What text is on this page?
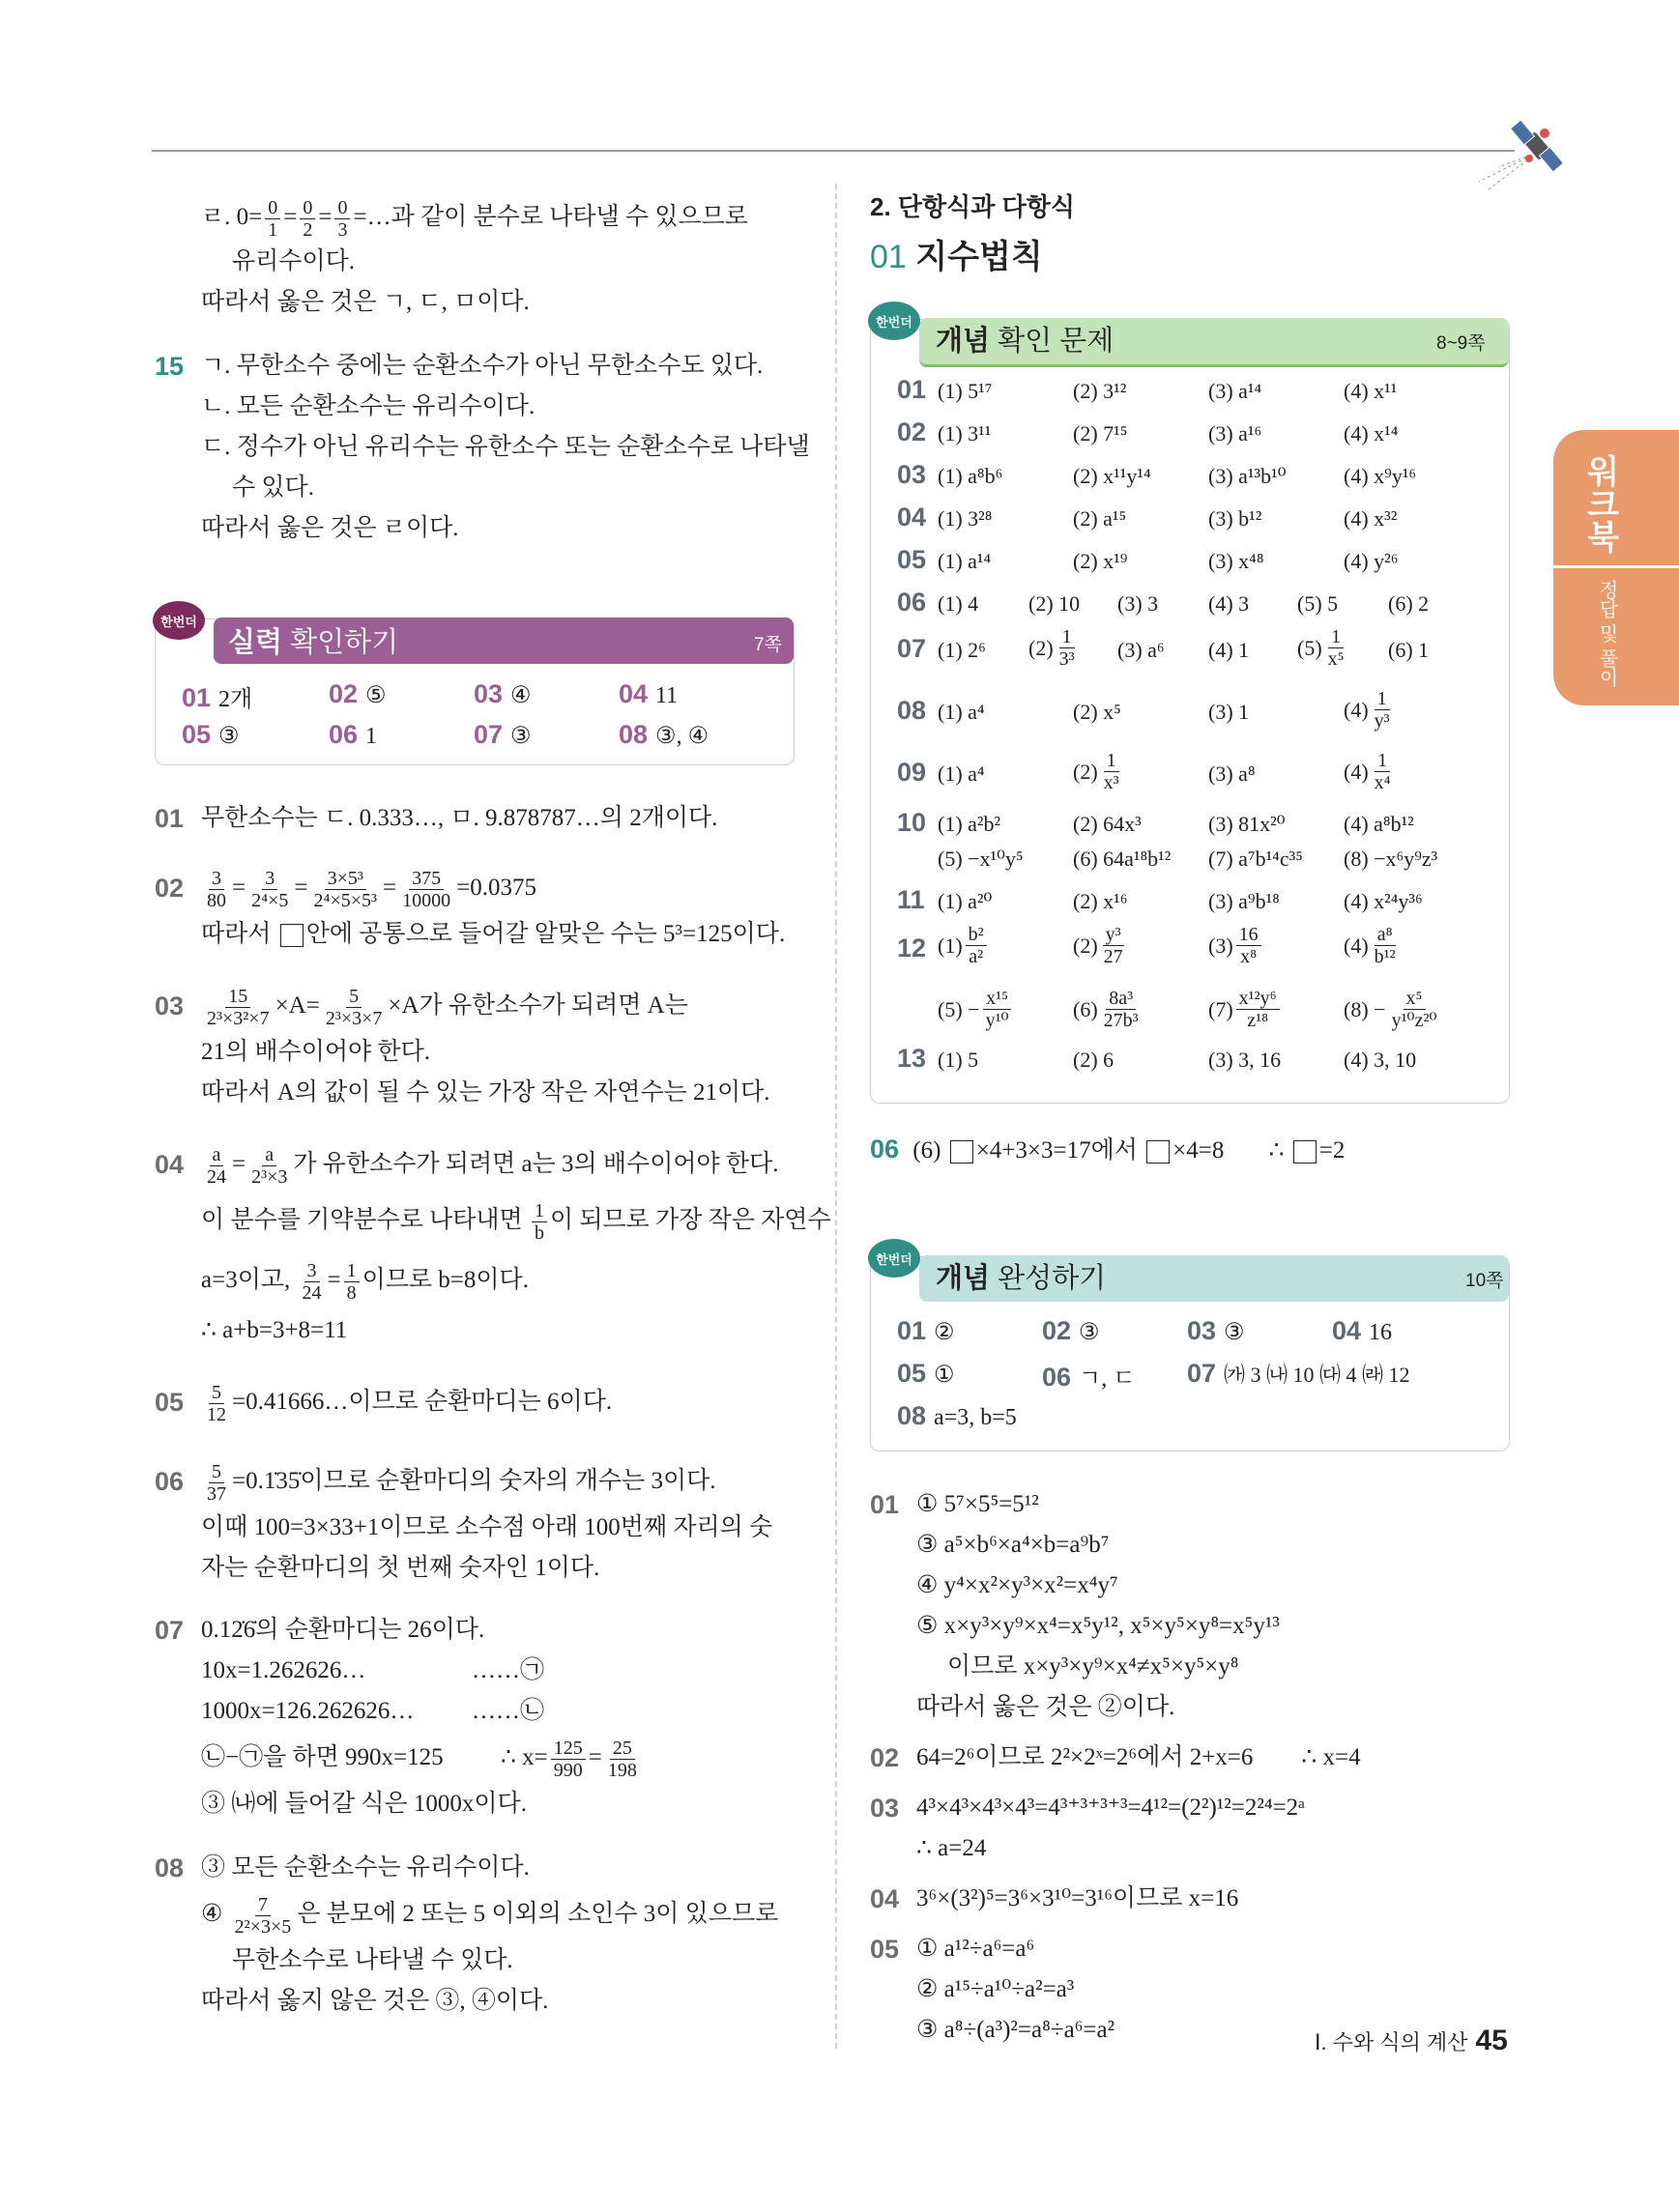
ㄹ. $0= \frac{0}{1} = \frac{0}{2} = \frac{0}{3}$ =…과 같이 분수로 나타낼 수 있으므로
유리수이다.
따라서 옳은 것은 ㄱ, ㄷ, ㅁ이다.
15 ㄱ. 무한소수 중에는 순환소수가 아닌 무한소수도 있다.
ㄴ. 모든 순환소수는 유리수이다.
ㄷ. 정수가 아닌 유리수는 유한소수 또는 순환소수로 나타낼
수 있다.
따라서 옳은 것은 ㄹ이다.
한번더
실력 확인하기	7쪽
01 2개	02 ⑤	03 ④	04 11
05 ③	06 1	07 ③	08 ③, ④
01 무한소수는 ㄷ. 0.333…, ㅁ. 9.878787…의 2개이다.
$02 \frac{3}{80} = \frac{3}{\text{2⁴×5}} = \frac{\text{3×5³}}{\text{2⁴×5×5³}} = \frac{375}{10000} =0.0375$
따라서 안에 공통으로 들어갈 알맞은 수는 5³=125이다.
$03 \frac{15}{\text{2³×3²×7}} \times A= \frac{5}{\text{2³×3×7}} \times A$가 유한소수가 되려면 A는
21의 배수이어야 한다.
따라서 A의 값이 될 수 있는 가장 작은 자연수는 21이다.
$04 \frac{a}{24} = \frac{a}{\text{2³×3}}$ 가 유한소수가 되려면 a는 3의 배수이어야 한다.
이 분수를 기약분수로 나타내면 $\frac{1}{b}$ 이 되므로 가장 작은 자연수
a=3이고, $\frac{3}{24} = \frac{1}{8}$ 이므로 b=8이다.
∴ a+b=3+8=11
$05 \frac{5}{12}$ =0.41666…이므로 순환마디는 6이다.
$06 \frac{5}{37}$ =0.1̇35̇이므로 순환마디의 숫자의 개수는 3이다.
이때 100=3×33+1이므로 소수점 아래 100번째 자리의 숫
자는 순환마디의 첫 번째 숫자인 1이다.
07 0.12̇6̇의 순환마디는 26이다.
10x=1.262626…	……㉠
1000x=126.262626… ……㉡
㉡−㉠을 하면 990x=125 ∴ $x= \frac{125}{990} = \frac{25}{198}$
③ ㈏에 들어갈 식은 1000x이다.
08 ③ 모든 순환소수는 유리수이다.
④ $\frac{7}{\text{2²×3×5}}$ 은 분모에 2 또는 5 이외의 소인수 3이 있으므로
무한소수로 나타낼 수 있다.
따라서 옳지 않은 것은 ③, ④이다.
2. 단항식과 다항식
01 지수법칙
한번더
개념 확인 문제	8~9쪽
01 (1) 5¹⁷	(2) 3¹²	(3) a¹⁴	(4) x¹¹
02 (1) 3¹¹	(2) 7¹⁵	(3) a¹⁶	(4) x¹⁴
03 (1) a⁸b⁶	(2) x¹¹y¹⁴	(3) a¹³b¹⁰	(4) x⁹y¹⁶
04 (1) 3²⁸	(2) a¹⁵	(3) b¹²	(4) x³²
05 (1) a¹⁴	(2) x¹⁹	(3) x⁴⁸	(4) y²⁶
06 (1) 4 (2) 10 (3) 3 (4) 3 (5) 5 (6) 2
07 (1) 2⁶ $(2) \frac{1}{\text{3³}} (3)$ a⁶ (4) 1 $(5) \frac{1}{\text{x⁵}} (6)$ 1
08 (1) a⁴	(2) x⁵	(3) 1	$(4) \frac{1}{\text{y³}}$
09 (1) a⁴	$(2) \frac{1}{\text{x³}}$	(3) a⁸	$(4) \frac{1}{\text{x⁴}}$
10 (1) a²b²	(2) 64x³	(3) 81x²⁰	(4) a⁸b¹²
(5) −x¹⁰y⁵ (6) 64a¹⁸b¹² (7) a⁷b¹⁴c³⁵ (8) −x⁶y⁹z³
11 (1) a²⁰	(2) x¹⁶	(3) a⁹b¹⁸	(4) x²⁴y³⁶
12 $(1) \frac{\text{b²}}{\text{a²}}$	$(2) \frac{\text{y³}}{27}$	$(3) \frac{16}{\text{x⁸}}$	$(4) \frac{\text{a⁸}}{\text{b¹²}}$
$(5) - \frac{\text{x¹⁵}}{\text{y¹⁰}}$	$(6) \frac{\text{8a³}}{\text{27b³}}$	$(7) \frac{\text{x¹²y⁶}}{\text{z¹⁸}}$	$(8) - \frac{\text{x⁵}}{\text{y¹⁰z²⁰}}$
13 (1) 5	(2) 6	(3) 3, 16	(4) 3, 10
06 (6) ×4+3×3=17에서 ×4=8 ∴ =2
한번더
개념 완성하기	10쪽
01 ②	02 ③	03 ③	04 16
05 ①	06 ㄱ, ㄷ 07 ㈎ 3 ㈏ 10 ㈐ 4 ㈑ 12
08 a=3, b=5
01 ① 5⁷×5⁵=5¹²
③ a⁵×b⁶×a⁴×b=a⁹b⁷
④ y⁴×x²×y³×x²=x⁴y⁷
⑤ x×y³×y⁹×x⁴=x⁵y¹², x⁵×y⁵×y⁸=x⁵y¹³
이므로 x×y³×y⁹×x⁴≠x⁵×y⁵×y⁸
따라서 옳은 것은 ②이다.
02 64=2⁶이므로 2²×2ˣ=2⁶에서 2+x=6 ∴ x=4
03 4³×4³×4³×4³=4³⁺³⁺³⁺³=4¹²=(2²)¹²=2²⁴=2ᵃ
∴ a=24
04 3⁶×(3²)⁵=3⁶×3¹⁰=3¹⁶이므로 x=16
05 ① a¹²÷a⁶=a⁶
② a¹⁵÷a¹⁰÷a²=a³
③ a⁸÷(a³)²=a⁸÷a⁶=a²
워크북
정답 및 풀이
Ⅰ. 수와 식의 계산 45
